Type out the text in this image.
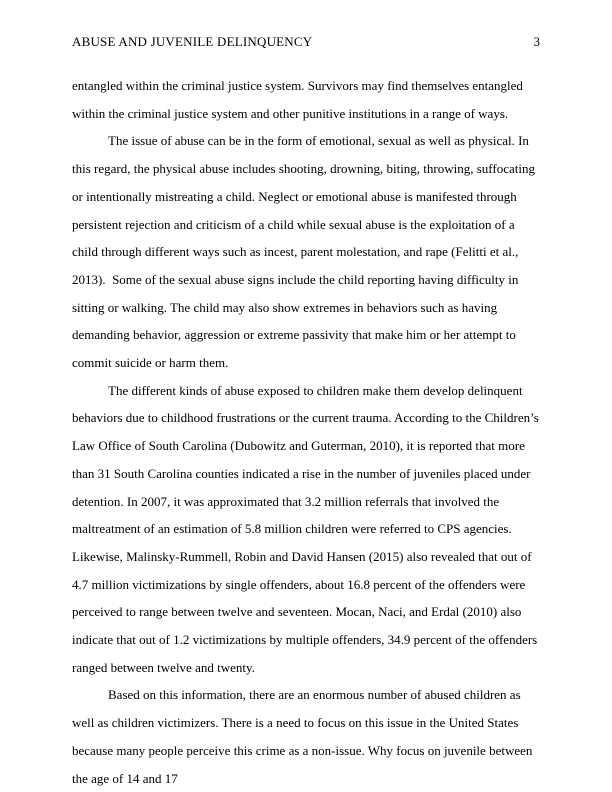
ABUSE AND JUVENILE DELINQUENCY	3

entangled within the criminal justice system. Survivors may find themselves entangled within the criminal justice system and other punitive institutions in a range of ways.

The issue of abuse can be in the form of emotional, sexual as well as physical. In this regard, the physical abuse includes shooting, drowning, biting, throwing, suffocating or intentionally mistreating a child. Neglect or emotional abuse is manifested through persistent rejection and criticism of a child while sexual abuse is the exploitation of a child through different ways such as incest, parent molestation, and rape (Felitti et al., 2013).  Some of the sexual abuse signs include the child reporting having difficulty in sitting or walking. The child may also show extremes in behaviors such as having demanding behavior, aggression or extreme passivity that make him or her attempt to commit suicide or harm them.

The different kinds of abuse exposed to children make them develop delinquent behaviors due to childhood frustrations or the current trauma. According to the Children’s Law Office of South Carolina (Dubowitz and Guterman, 2010), it is reported that more than 31 South Carolina counties indicated a rise in the number of juveniles placed under detention. In 2007, it was approximated that 3.2 million referrals that involved the maltreatment of an estimation of 5.8 million children were referred to CPS agencies. Likewise, Malinsky-Rummell, Robin and David Hansen (2015) also revealed that out of 4.7 million victimizations by single offenders, about 16.8 percent of the offenders were perceived to range between twelve and seventeen. Mocan, Naci, and Erdal (2010) also indicate that out of 1.2 victimizations by multiple offenders, 34.9 percent of the offenders ranged between twelve and twenty.

Based on this information, there are an enormous number of abused children as well as children victimizers. There is a need to focus on this issue in the United States because many people perceive this crime as a non-issue. Why focus on juvenile between the age of 14 and 17
